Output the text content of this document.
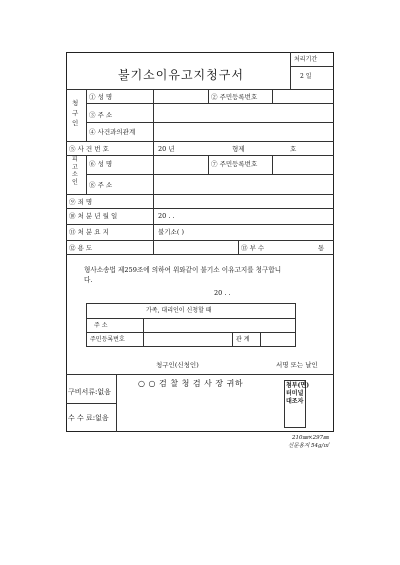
불기소이유고지청구서
처리기간
2 일
청
구
인
① 성 명	② 주민등록번호
③ 주 소
④ 사건과의관계
⑤ 사 건 번 호	20 년	형제	호
피
고
소
인
⑥ 성 명	⑦ 주민등록번호
⑧ 주 소
⑨ 죄 명
⑩ 처 분 년 월 일	20 . .
⑪ 처 분 요 지	불기소( )
⑫ 용 도	⑬ 부 수	통
형사소송법 제259조에 의하여 위와같이 불기소 이유고지를 청구합니
다.
20 . .
가족, 대리인이 신청할 때
주 소
주민등록번호	관 계
청구인(신청인)	서명 또는 날인
구비서류:없음
수 수 료:없음
○ ○ 검 찰 청 검 사 장 귀하	첨부(면)
터미널
대조자
210㎜×297㎜
신문용지 54g/㎡
